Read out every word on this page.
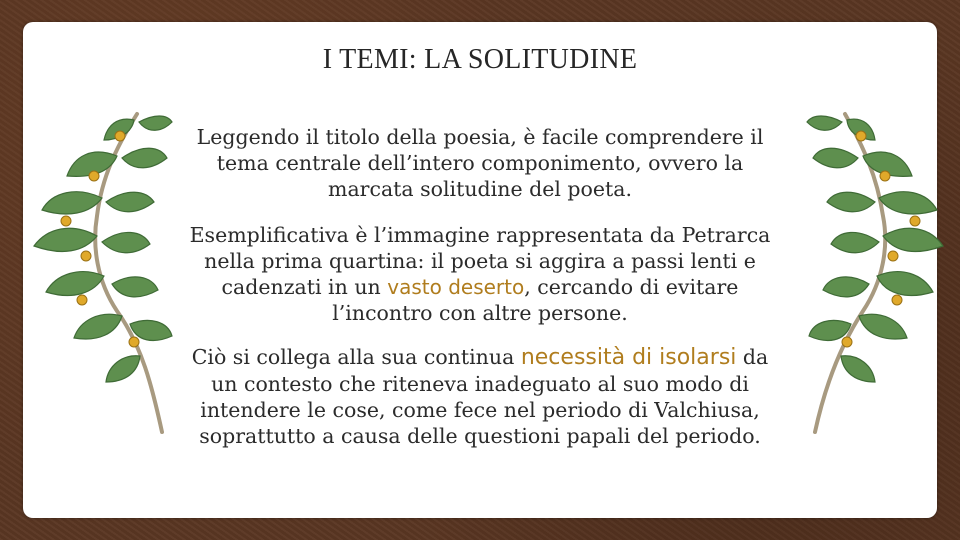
I TEMI: LA SOLITUDINE
Leggendo il titolo della poesia, è facile comprendere il tema centrale dell’intero componimento, ovvero la marcata solitudine del poeta.
Esemplificativa è l’immagine rappresentata da Petrarca nella prima quartina: il poeta si aggira a passi lenti e cadenzati in un vasto deserto, cercando di evitare l’incontro con altre persone.
Ciò si collega alla sua continua necessità di isolarsi da un contesto che riteneva inadeguato al suo modo di intendere le cose, come fece nel periodo di Valchiusa, soprattutto a causa delle questioni papali del periodo.
